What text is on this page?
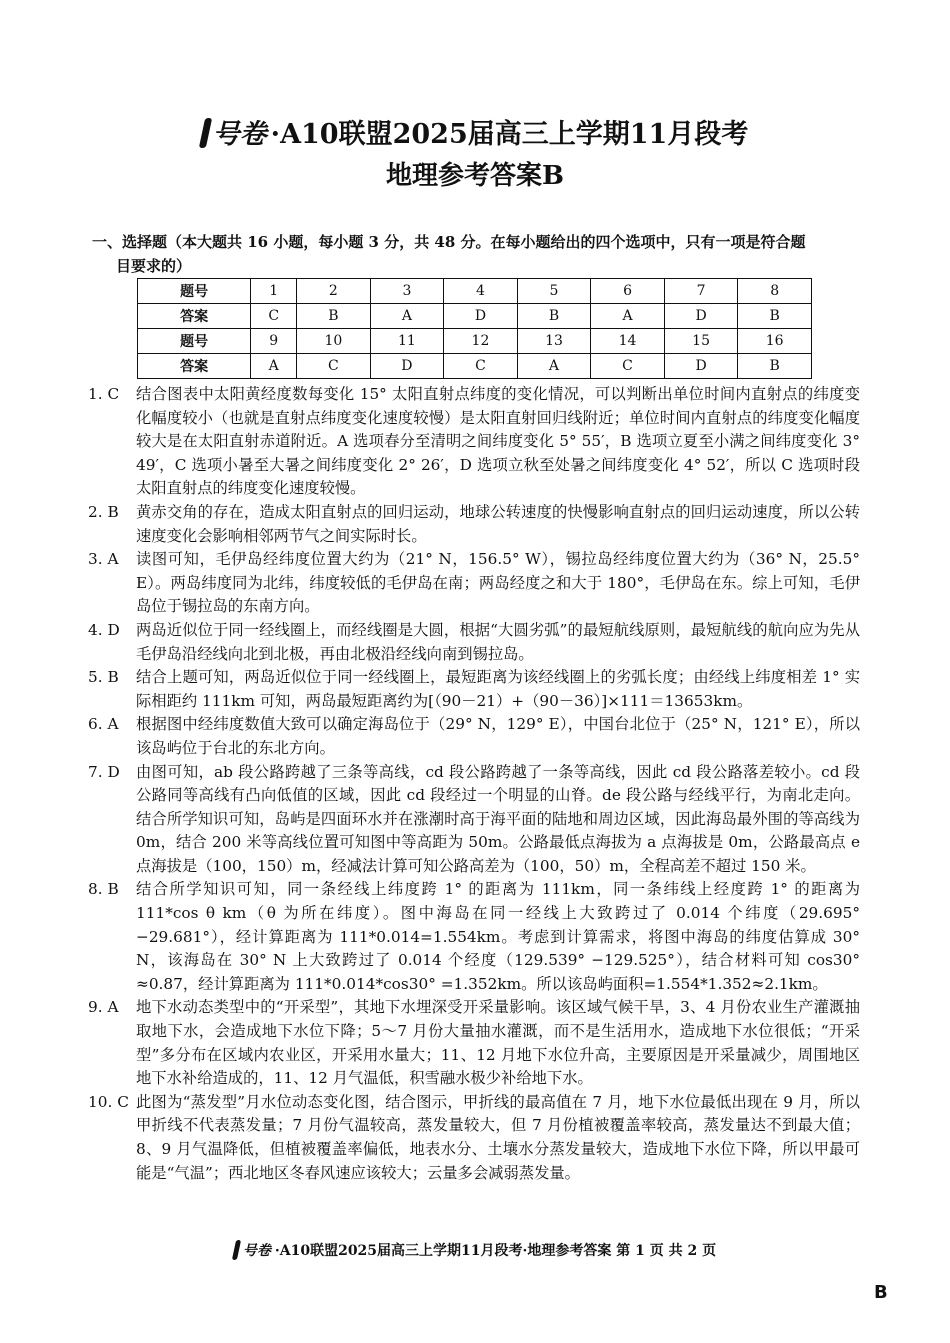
号卷 ·A10联盟2025届高三上学期11月段考
地理参考答案B
一、选择题（本大题共 16 小题，每小题 3 分，共 48 分。在每小题给出的四个选项中，只有一项是符合题
目要求的）
题号	1	2	3	4	5	6	7	8
答案	C	B	A	D	B	A	D	B
题号	9	10	11	12	13	14	15	16
答案	A	C	D	C	A	C	D	B
1. C	结合图表中太阳黄经度数每变化 15° 太阳直射点纬度的变化情况，可以判断出单位时间内直射点的纬度变化幅度较小（也就是直射点纬度变化速度较慢）是太阳直射回归线附近；单位时间内直射点的纬度变化幅度较大是在太阳直射赤道附近。A 选项春分至清明之间纬度变化 5° 55′，B 选项立夏至小满之间纬度变化 3° 49′，C 选项小暑至大暑之间纬度变化 2° 26′，D 选项立秋至处暑之间纬度变化 4° 52′，所以 C 选项时段太阳直射点的纬度变化速度较慢。
2. B	黄赤交角的存在，造成太阳直射点的回归运动，地球公转速度的快慢影响直射点的回归运动速度，所以公转速度变化会影响相邻两节气之间实际时长。
3. A	读图可知，毛伊岛经纬度位置大约为（21° N，156.5° W），锡拉岛经纬度位置大约为（36° N，25.5° E）。两岛纬度同为北纬，纬度较低的毛伊岛在南；两岛经度之和大于 180°，毛伊岛在东。综上可知，毛伊岛位于锡拉岛的东南方向。
4. D	两岛近似位于同一经线圈上，而经线圈是大圆，根据“大圆劣弧”的最短航线原则，最短航线的航向应为先从毛伊岛沿经线向北到北极，再由北极沿经线向南到锡拉岛。
5. B	结合上题可知，两岛近似位于同一经线圈上，最短距离为该经线圈上的劣弧长度；由经线上纬度相差 1° 实际相距约 111km 可知，两岛最短距离约为[（90－21）+（90－36）]×111＝13653km。
6. A	根据图中经纬度数值大致可以确定海岛位于（29° N，129° E），中国台北位于（25° N，121° E），所以该岛屿位于台北的东北方向。
7. D	由图可知，ab 段公路跨越了三条等高线，cd 段公路跨越了一条等高线，因此 cd 段公路落差较小。cd 段公路同等高线有凸向低值的区域，因此 cd 段经过一个明显的山脊。de 段公路与经线平行，为南北走向。结合所学知识可知，岛屿是四面环水并在涨潮时高于海平面的陆地和周边区域，因此海岛最外围的等高线为 0m，结合 200 米等高线位置可知图中等高距为 50m。公路最低点海拔为 a 点海拔是 0m，公路最高点 e 点海拔是（100，150）m，经减法计算可知公路高差为（100，50）m，全程高差不超过 150 米。
8. B	结合所学知识可知，同一条经线上纬度跨 1° 的距离为 111km，同一条纬线上经度跨 1° 的距离为 111*cos θ km（θ 为所在纬度）。图中海岛在同一经线上大致跨过了 0.014 个纬度（29.695° −29.681°），经计算距离为 111*0.014=1.554km。考虑到计算需求，将图中海岛的纬度估算成 30° N，该海岛在 30° N 上大致跨过了 0.014 个经度（129.539° −129.525°），结合材料可知 cos30° ≈0.87，经计算距离为 111*0.014*cos30° =1.352km。所以该岛屿面积=1.554*1.352≈2.1km。
9. A	地下水动态类型中的“开采型”，其地下水埋深受开采量影响。该区域气候干旱，3、4 月份农业生产灌溉抽取地下水，会造成地下水位下降；5～7 月份大量抽水灌溉，而不是生活用水，造成地下水位很低；“开采型”多分布在区域内农业区，开采用水量大；11、12 月地下水位升高，主要原因是开采量减少，周围地区地下水补给造成的，11、12 月气温低，积雪融水极少补给地下水。
10. C 此图为“蒸发型”月水位动态变化图，结合图示，甲折线的最高值在 7 月，地下水位最低出现在 9 月，所以甲折线不代表蒸发量；7 月份气温较高，蒸发量较大，但 7 月份植被覆盖率较高，蒸发量达不到最大值；8、9 月气温降低，但植被覆盖率偏低，地表水分、土壤水分蒸发量较大，造成地下水位下降，所以甲最可能是“气温”；西北地区冬春风速应该较大；云量多会减弱蒸发量。
号卷 ·A10联盟2025届高三上学期11月段考·地理参考答案 第 1 页 共 2 页
B
